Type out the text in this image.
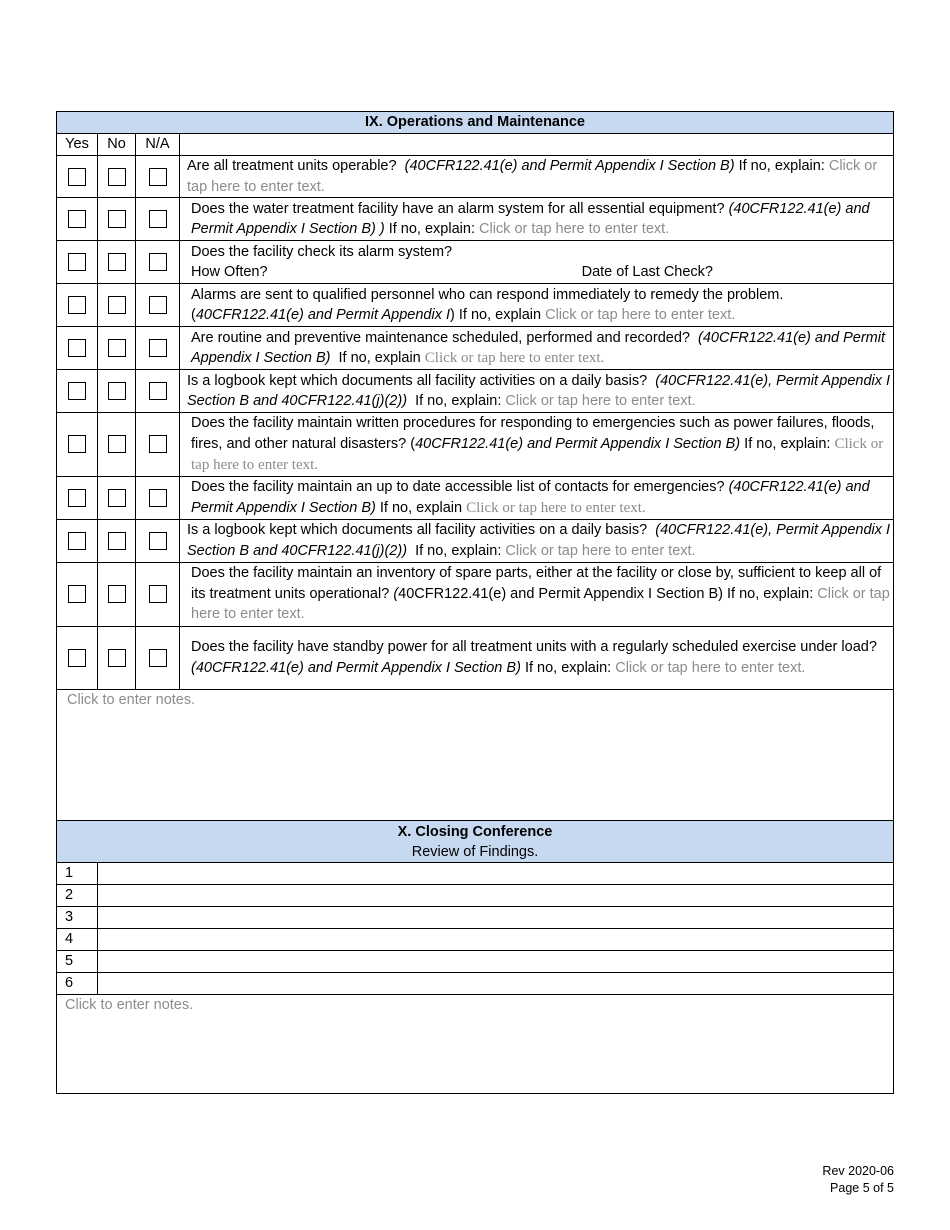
IX. Operations and Maintenance			
Yes	No	N/A	
			Are all treatment units operable? (40CFR122.41(e) and Permit Appendix I Section B) If no, explain: Click or tap here to enter text.
			Does the water treatment facility have an alarm system for all essential equipment? (40CFR122.41(e) and Permit Appendix I Section B) ) If no, explain: Click or tap here to enter text.

			Does the facility check its alarm system?
How Often? Date of Last Check?

			Alarms are sent to qualified personnel who can respond immediately to remedy the problem. (40CFR122.41(e) and Permit Appendix I) If no, explain Click or tap here to enter text.
			Are routine and preventive maintenance scheduled, performed and recorded? (40CFR122.41(e) and Permit Appendix I Section B) If no, explain Click or tap here to enter text.
			Is a logbook kept which documents all facility activities on a daily basis? (40CFR122.41(e), Permit Appendix I Section B and 40CFR122.41(j)(2)) If no, explain: Click or tap here to enter text.
			Does the facility maintain written procedures for responding to emergencies such as power failures, floods, fires, and other natural disasters? (40CFR122.41(e) and Permit Appendix I Section B) If no, explain: Click or tap here to enter text.
			Does the facility maintain an up to date accessible list of contacts for emergencies? (40CFR122.41(e) and Permit Appendix I Section B) If no, explain Click or tap here to enter text.
			Is a logbook kept which documents all facility activities on a daily basis? (40CFR122.41(e), Permit Appendix I Section B and 40CFR122.41(j)(2)) If no, explain: Click or tap here to enter text.
			Does the facility maintain an inventory of spare parts, either at the facility or close by, sufficient to keep all of its treatment units operational? (40CFR122.41(e) and Permit Appendix I Section B) If no, explain: Click or tap here to enter text.
			Does the facility have standby power for all treatment units with a regularly scheduled exercise under load? (40CFR122.41(e) and Permit Appendix I Section B) If no, explain: Click or tap here to enter text.
Click to enter notes.			
X. Closing Conference
Review of Findings.	

1	
2	
3	
4	
5	
6	
Click to enter notes.	
Rev 2020-06
Page 5 of 5
